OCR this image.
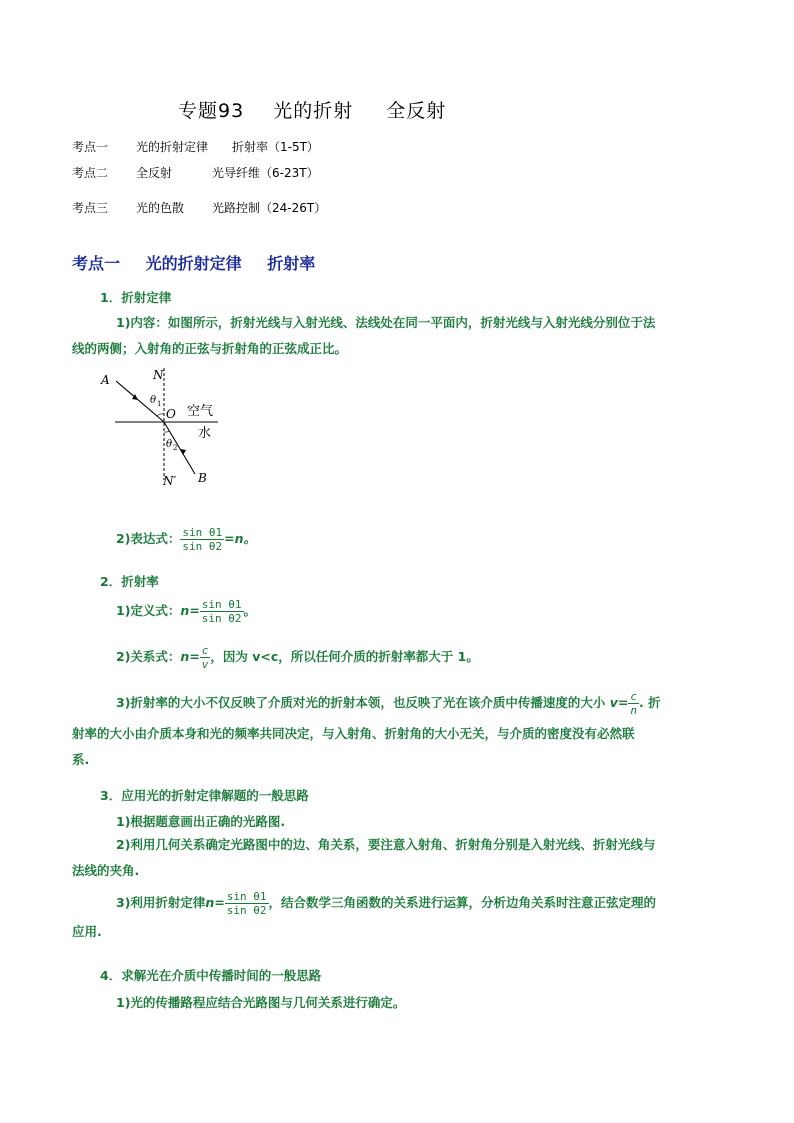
专题93 光的折射 全反射
考点一 光的折射定律 折射率（1-5T）
考点二 全反射	光导纤维（6-23T）
考点三 光的色散 光路控制（24-26T）
考点一 光的折射定律 折射率
1．折射定律
1)内容：如图所示，折射光线与入射光线、法线处在同一平面内，折射光线与入射光线分别位于法
线的两侧；入射角的正弦与折射角的正弦成正比。
A	N
θ 1
O 空气
水
θ 2
N′ B
2)表达式： $\frac{\text{sin θ1}}{\text{sin θ2}} =n$。
2．折射率
1)定义式：$n= \frac{\text{sin θ1}}{\text{sin θ2}}$ 。
2)关系式：$n= \frac{c}{v}$ ，因为 v<c，所以任何介质的折射率都大于 1。
3)折射率的大小不仅反映了介质对光的折射本领，也反映了光在该介质中传播速度的大小 $v= \frac{c}{n}$ . 折
射率的大小由介质本身和光的频率共同决定，与入射角、折射角的大小无关，与介质的密度没有必然联
系.
3．应用光的折射定律解题的一般思路
1)根据题意画出正确的光路图.
2)利用几何关系确定光路图中的边、角关系，要注意入射角、折射角分别是入射光线、折射光线与
法线的夹角.
3)利用折射定律$n= \frac{\text{sin θ1}}{\text{sin θ2}}$ ，结合数学三角函数的关系进行运算，分析边角关系时注意正弦定理的
应用.
4．求解光在介质中传播时间的一般思路
1)光的传播路程应结合光路图与几何关系进行确定。
